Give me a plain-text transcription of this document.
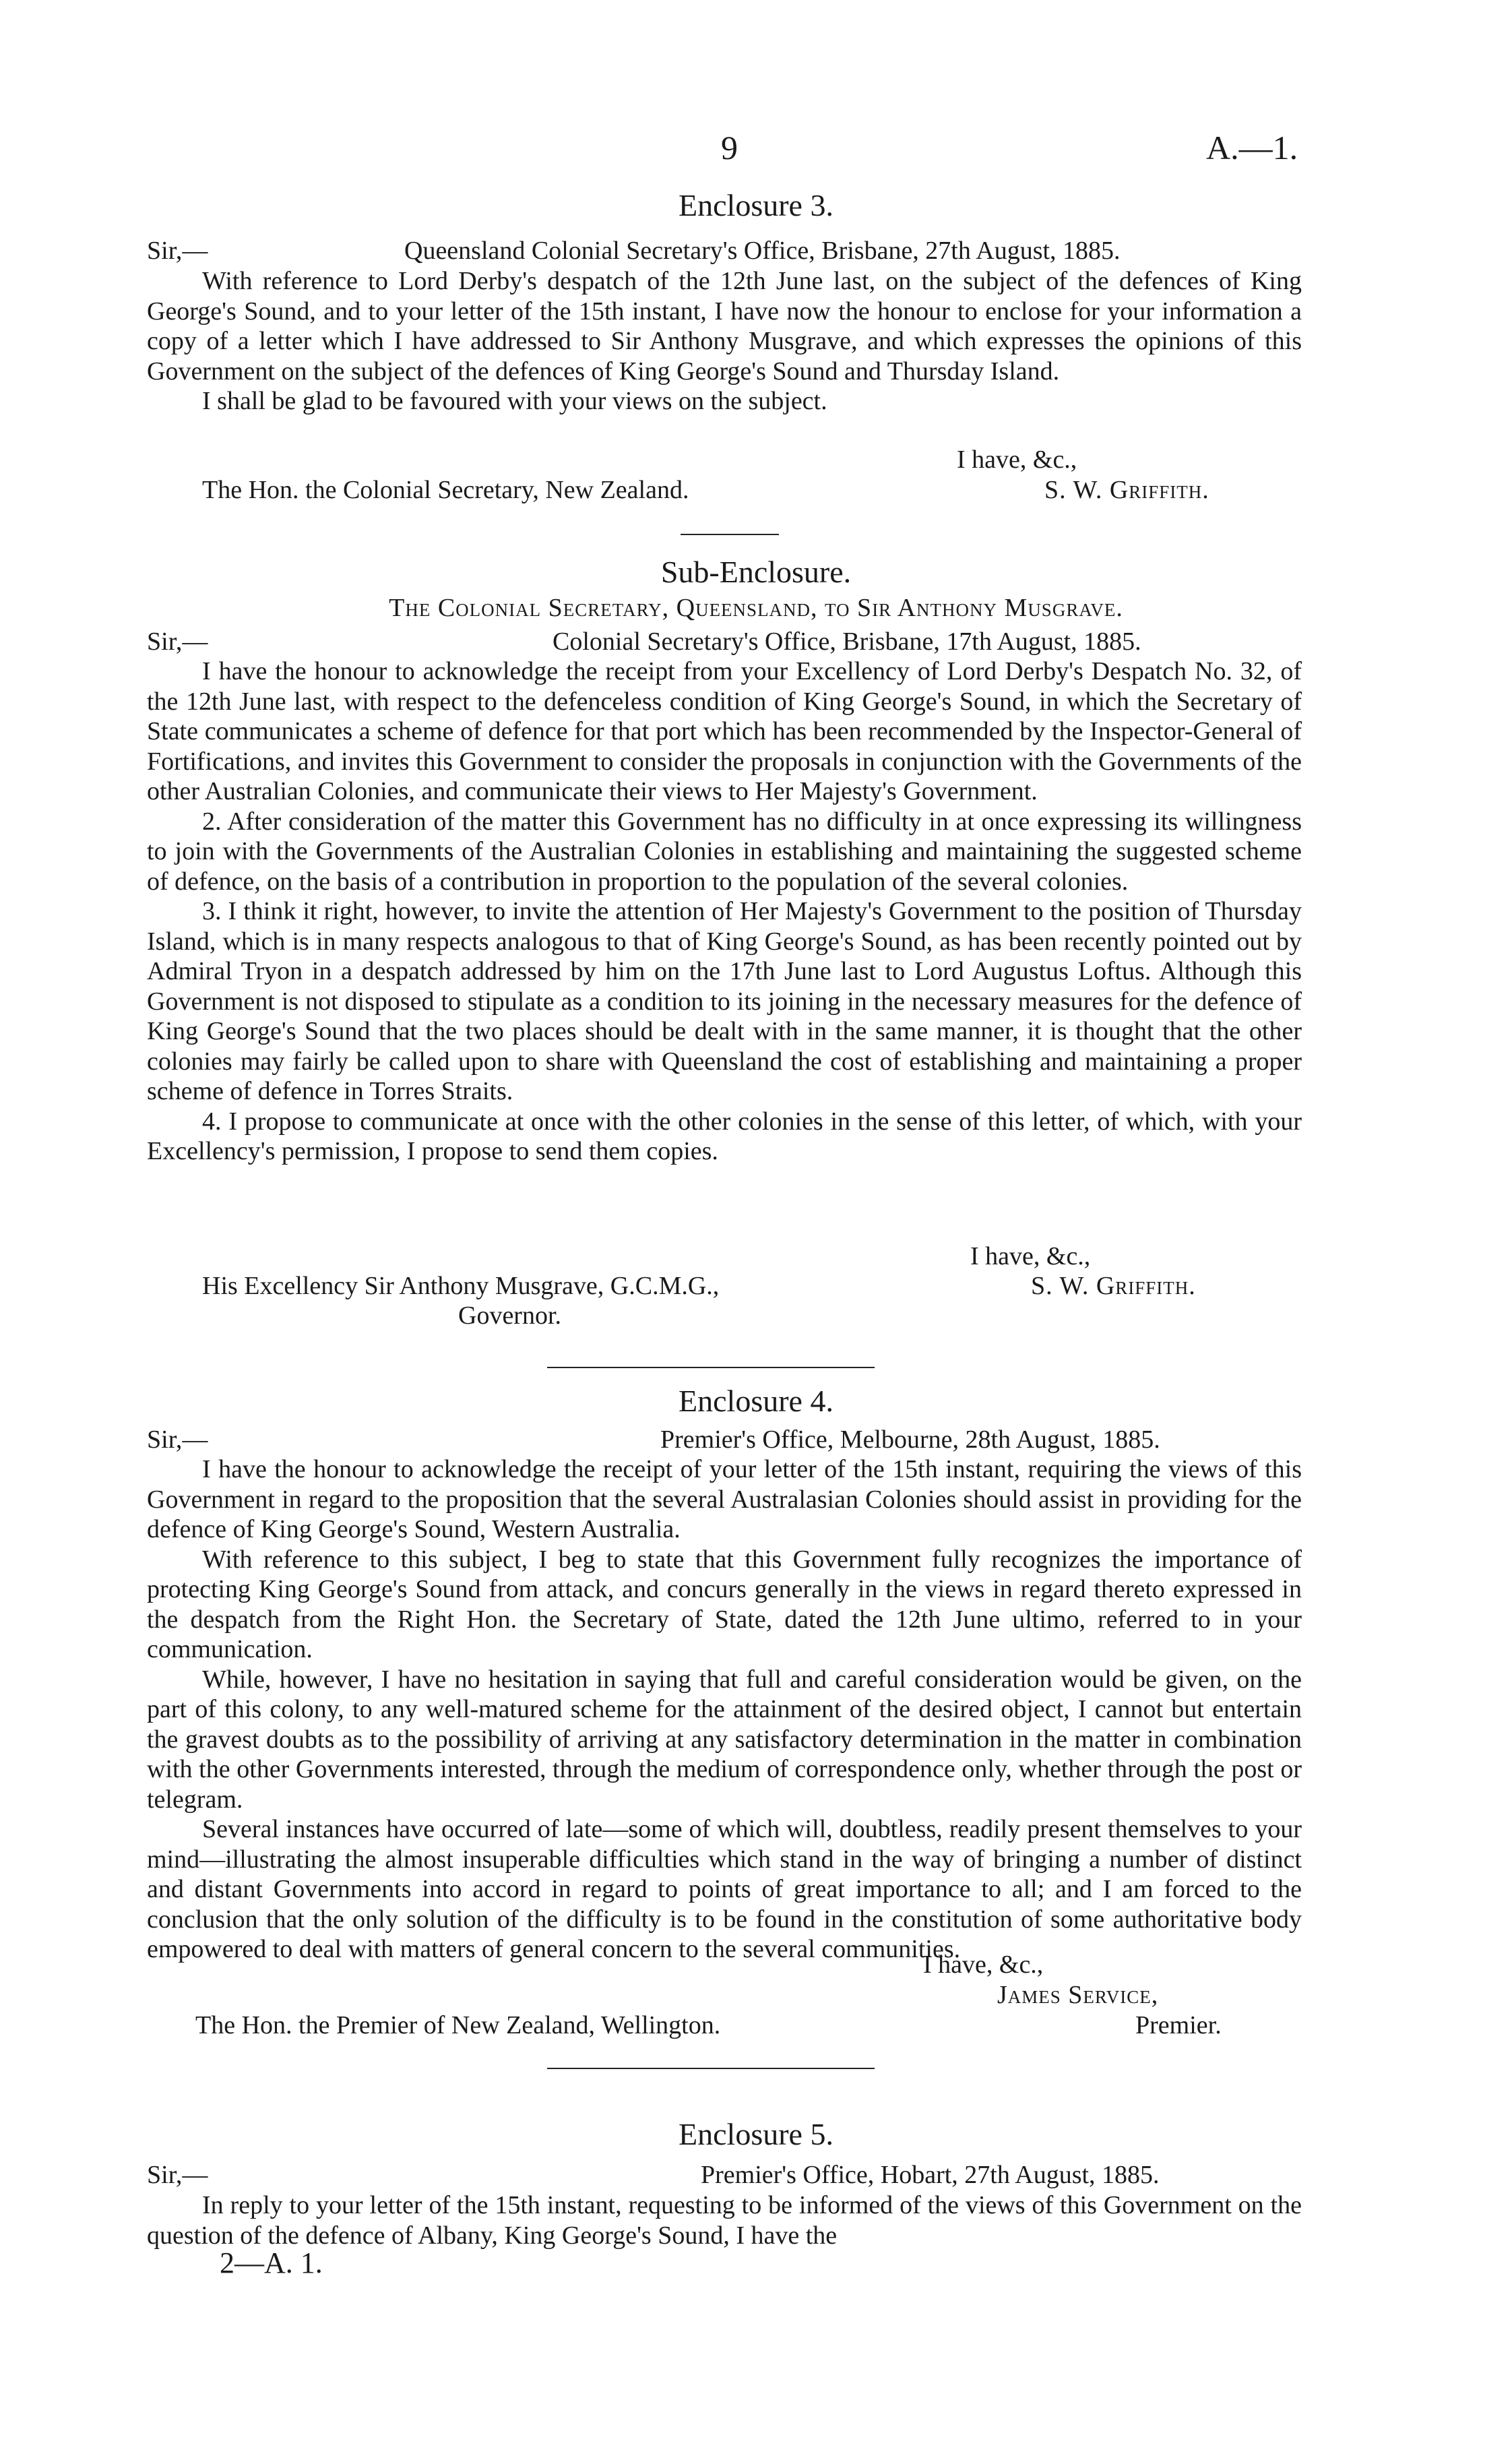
9	A.—1.
Enclosure 3.
Sir,—	Queensland Colonial Secretary's Office, Brisbane, 27th August, 1885.

With reference to Lord Derby's despatch of the 12th June last, on the subject of the defences of King George's Sound, and to your letter of the 15th instant, I have now the honour to enclose for your information a copy of a letter which I have addressed to Sir Anthony Musgrave, and which expresses the opinions of this Government on the subject of the defences of King George's Sound and Thursday Island.

I shall be glad to be favoured with your views on the subject.

I have, &c.,
The Hon. the Colonial Secretary, New Zealand.	S. W. Griffith.
Sub-Enclosure.
The Colonial Secretary, Queensland, to Sir Anthony Musgrave.
Sir,—	Colonial Secretary's Office, Brisbane, 17th August, 1885.

I have the honour to acknowledge the receipt from your Excellency of Lord Derby's Despatch No. 32, of the 12th June last, with respect to the defenceless condition of King George's Sound, in which the Secretary of State communicates a scheme of defence for that port which has been recommended by the Inspector-General of Fortifications, and invites this Government to consider the proposals in conjunction with the Governments of the other Australian Colonies, and communicate their views to Her Majesty's Government.

2. After consideration of the matter this Government has no difficulty in at once expressing its willingness to join with the Governments of the Australian Colonies in establishing and maintaining the suggested scheme of defence, on the basis of a contribution in proportion to the population of the several colonies.

3. I think it right, however, to invite the attention of Her Majesty's Government to the position of Thursday Island, which is in many respects analogous to that of King George's Sound, as has been recently pointed out by Admiral Tryon in a despatch addressed by him on the 17th June last to Lord Augustus Loftus. Although this Government is not disposed to stipulate as a condition to its joining in the necessary measures for the defence of King George's Sound that the two places should be dealt with in the same manner, it is thought that the other colonies may fairly be called upon to share with Queensland the cost of establishing and maintaining a proper scheme of defence in Torres Straits.

4. I propose to communicate at once with the other colonies in the sense of this letter, of which, with your Excellency's permission, I propose to send them copies.

I have, &c.,
His Excellency Sir Anthony Musgrave, G.C.M.G.,	S. W. Griffith.
Governor.
Enclosure 4.
Sir,—	Premier's Office, Melbourne, 28th August, 1885.

I have the honour to acknowledge the receipt of your letter of the 15th instant, requiring the views of this Government in regard to the proposition that the several Australasian Colonies should assist in providing for the defence of King George's Sound, Western Australia.

With reference to this subject, I beg to state that this Government fully recognizes the importance of protecting King George's Sound from attack, and concurs generally in the views in regard thereto expressed in the despatch from the Right Hon. the Secretary of State, dated the 12th June ultimo, referred to in your communication.

While, however, I have no hesitation in saying that full and careful consideration would be given, on the part of this colony, to any well-matured scheme for the attainment of the desired object, I cannot but entertain the gravest doubts as to the possibility of arriving at any satisfactory determination in the matter in combination with the other Governments interested, through the medium of correspondence only, whether through the post or telegram.

Several instances have occurred of late—some of which will, doubtless, readily present themselves to your mind—illustrating the almost insuperable difficulties which stand in the way of bringing a number of distinct and distant Governments into accord in regard to points of great importance to all; and I am forced to the conclusion that the only solution of the difficulty is to be found in the constitution of some authoritative body empowered to deal with matters of general concern to the several communities.

I have, &c.,
James Service,
The Hon. the Premier of New Zealand, Wellington.	Premier.
Enclosure 5.
Sir,—	Premier's Office, Hobart, 27th August, 1885.

In reply to your letter of the 15th instant, requesting to be informed of the views of this Government on the question of the defence of Albany, King George's Sound, I have the

2—A. 1.
